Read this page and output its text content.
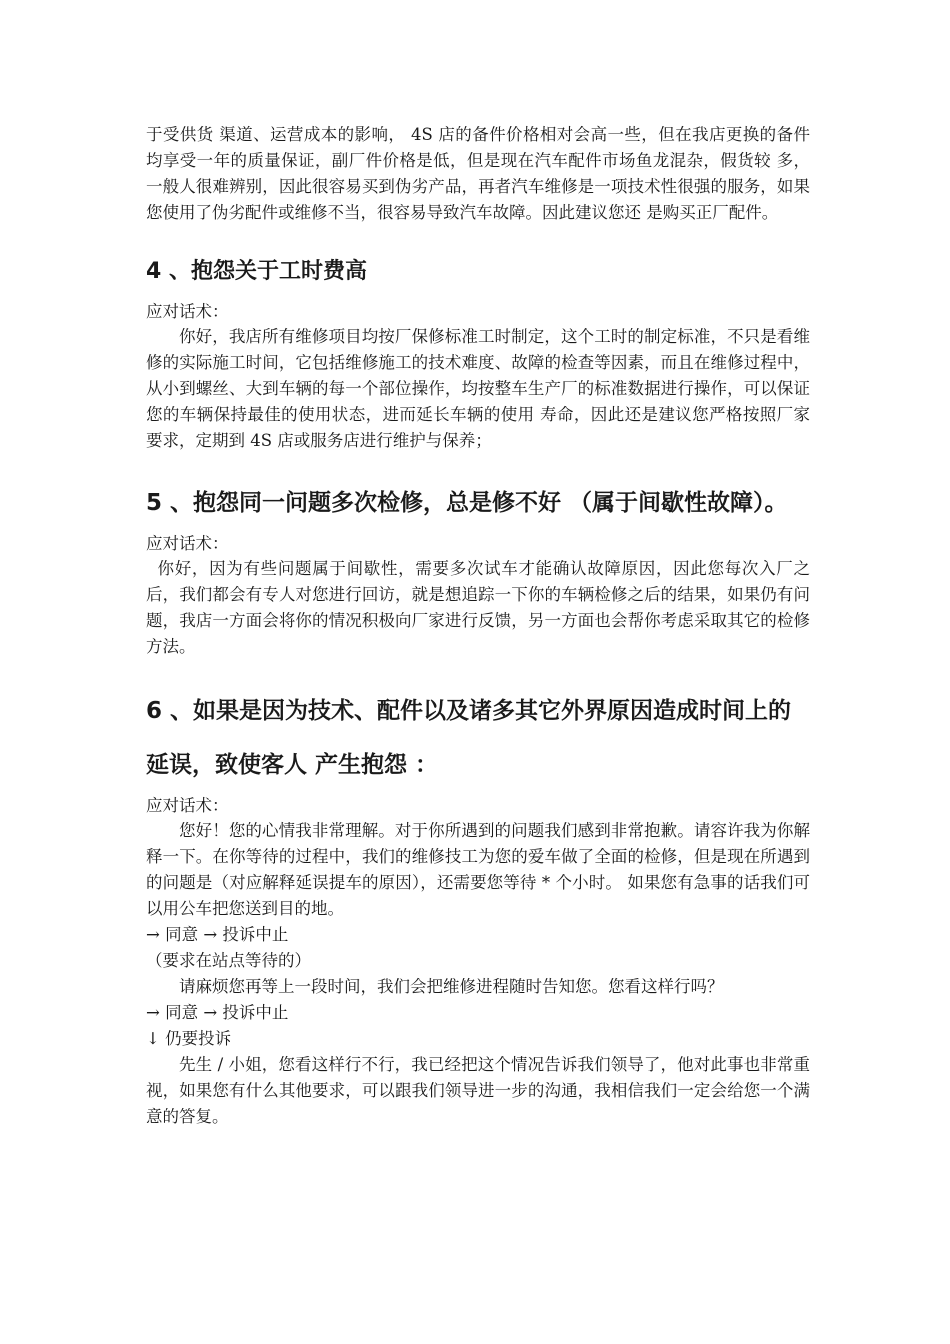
于受供货 渠道、运营成本的影响， 4S 店的备件价格相对会高一些，但在我店更换的备件均享受一年的质量保证，副厂件价格是低，但是现在汽车配件市场鱼龙混杂，假货较 多，一般人很难辨别，因此很容易买到伪劣产品，再者汽车维修是一项技术性很强的服务，如果您使用了伪劣配件或维修不当，很容易导致汽车故障。因此建议您还 是购买正厂配件。

4 、抱怨关于工时费高

应对话术：

你好，我店所有维修项目均按厂保修标准工时制定，这个工时的制定标准，不只是看维修的实际施工时间，它包括维修施工的技术难度、故障的检查等因素，而且在维修过程中，从小到螺丝、大到车辆的每一个部位操作，均按整车生产厂的标准数据进行操作，可以保证您的车辆保持最佳的使用状态，进而延长车辆的使用 寿命，因此还是建议您严格按照厂家要求，定期到 4S 店或服务店进行维护与保养；

5 、抱怨同一问题多次检修，总是修不好 （属于间歇性故障）。

应对话术：

你好，因为有些问题属于间歇性，需要多次试车才能确认故障原因，因此您每次入厂之后，我们都会有专人对您进行回访，就是想追踪一下你的车辆检修之后的结果，如果仍有问题，我店一方面会将你的情况积极向厂家进行反馈，另一方面也会帮你考虑采取其它的检修方法。

6 、如果是因为技术、配件以及诸多其它外界原因造成时间上的延误，致使客人 产生抱怨 ：

应对话术：

您好！您的心情我非常理解。对于你所遇到的问题我们感到非常抱歉。请容许我为你解释一下。在你等待的过程中，我们的维修技工为您的爱车做了全面的检修，但是现在所遇到的问题是（对应解释延误提车的原因），还需要您等待 * 个小时。 如果您有急事的话我们可以用公车把您送到目的地。

→ 同意 → 投诉中止

（要求在站点等待的）

请麻烦您再等上一段时间，我们会把维修进程随时告知您。您看这样行吗？

→ 同意 → 投诉中止

↓ 仍要投诉

先生 / 小姐，您看这样行不行，我已经把这个情况告诉我们领导了，他对此事也非常重视，如果您有什么其他要求，可以跟我们领导进一步的沟通，我相信我们一定会给您一个满意的答复。
